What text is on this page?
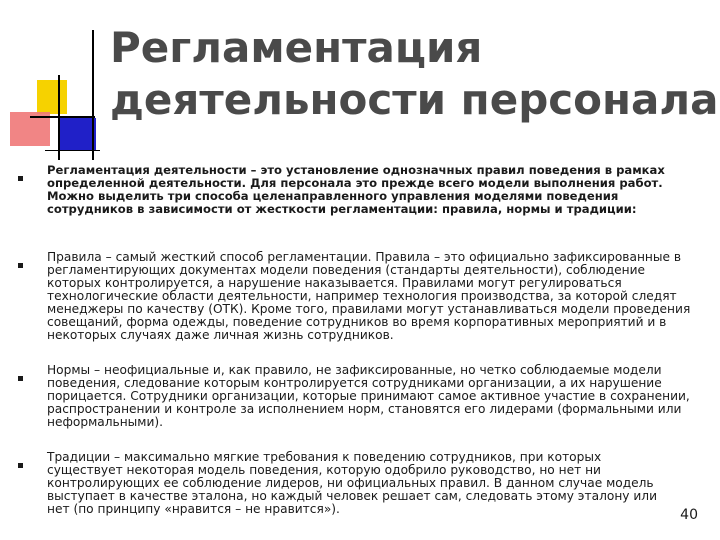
Регламентация
деятельности персонала

Регламентация деятельности – это установление однозначных правил поведения в рамках определенной деятельности. Для персонала это прежде всего модели выполнения работ. Можно выделить три способа целенаправленного управления моделями поведения сотрудников в зависимости от жесткости регламентации: правила, нормы и традиции:

Правила – самый жесткий способ регламентации. Правила – это официально зафиксированные в регламентирующих документах модели поведения (стандарты деятельности), соблюдение которых контролируется, а нарушение наказывается. Правилами могут регулироваться технологические области деятельности, например технология производства, за которой следят менеджеры по качеству (ОТК). Кроме того, правилами могут устанавливаться модели проведения совещаний, форма одежды, поведение сотрудников во время корпоративных мероприятий и в некоторых случаях даже личная жизнь сотрудников.

Нормы – неофициальные и, как правило, не зафиксированные, но четко соблюдаемые модели поведения, следование которым контролируется сотрудниками организации, а их нарушение порицается. Сотрудники организации, которые принимают самое активное участие в сохранении, распространении и контроле за исполнением норм, становятся его лидерами (формальными или неформальными).

Традиции – максимально мягкие требования к поведению сотрудников, при которых существует некоторая модель поведения, которую одобрило руководство, но нет ни контролирующих ее соблюдение лидеров, ни официальных правил. В данном случае модель выступает в качестве эталона, но каждый человек решает сам, следовать этому эталону или нет (по принципу «нравится – не нравится»).	40
